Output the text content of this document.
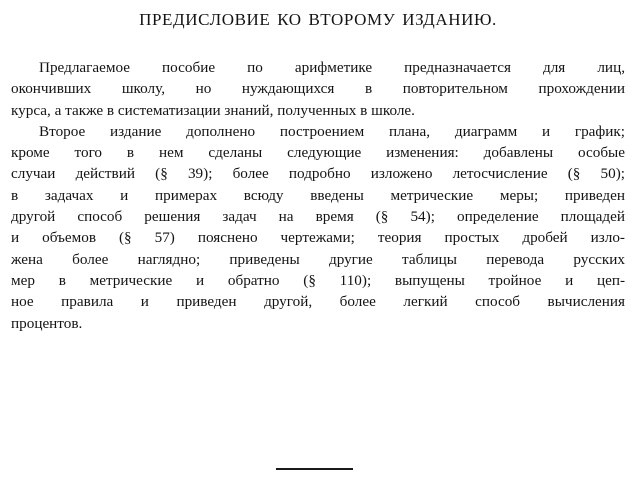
ПРЕДИСЛОВИЕ КО ВТОРОМУ ИЗДАНИЮ.
Предлагаемое пособие по арифметике предназначается для лиц,
окончивших школу, но нуждающихся в повторительном прохождении
курса, а также в систематизации знаний, полученных в школе.
Второе издание дополнено построением плана, диаграмм и график;
кроме того в нем сделаны следующие изменения: добавлены особые
случаи действий (§ 39); более подробно изложено летосчисление (§ 50);
в задачах и примерах всюду введены метрические меры; приведен
другой способ решения задач на время (§ 54); определение площадей
и объемов (§ 57) пояснено чертежами; теория простых дробей изло-
жена более наглядно; приведены другие таблицы перевода русских
мер в метрические и обратно (§ 110); выпущены тройное и цеп-
ное правила и приведен другой, более легкий способ вычисления
процентов.
